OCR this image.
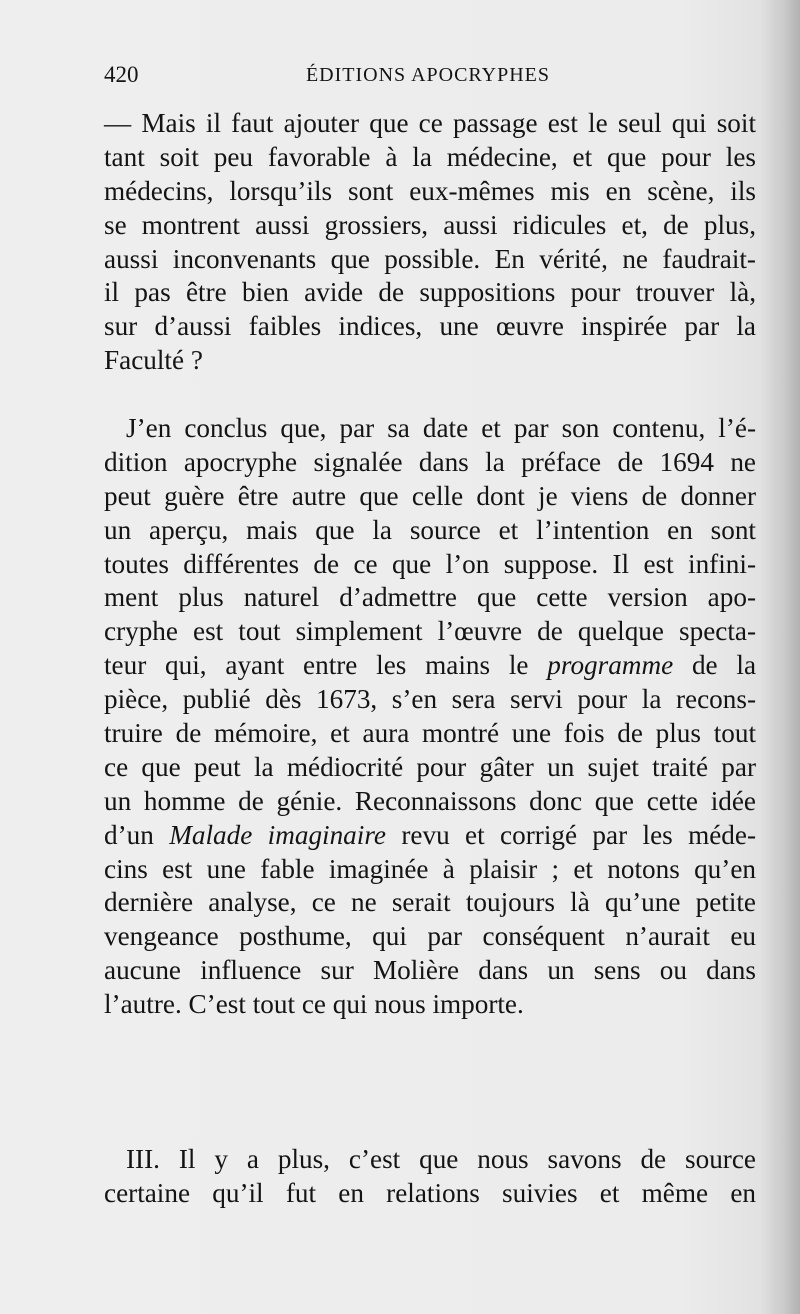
420	ÉDITIONS APOCRYPHES
— Mais il faut ajouter que ce passage est le seul qui soit
tant soit peu favorable à la médecine, et que pour les
médecins, lorsqu’ils sont eux-mêmes mis en scène, ils
se montrent aussi grossiers, aussi ridicules et, de plus,
aussi inconvenants que possible. En vérité, ne faudrait-
il pas être bien avide de suppositions pour trouver là,
sur d’aussi faibles indices, une œuvre inspirée par la
Faculté ?
J’en conclus que, par sa date et par son contenu, l’é-
dition apocryphe signalée dans la préface de 1694 ne
peut guère être autre que celle dont je viens de donner
un aperçu, mais que la source et l’intention en sont
toutes différentes de ce que l’on suppose. Il est infini-
ment plus naturel d’admettre que cette version apo-
cryphe est tout simplement l’œuvre de quelque specta-
teur qui, ayant entre les mains le programme de la
pièce, publié dès 1673, s’en sera servi pour la recons-
truire de mémoire, et aura montré une fois de plus tout
ce que peut la médiocrité pour gâter un sujet traité par
un homme de génie. Reconnaissons donc que cette idée
d’un Malade imaginaire revu et corrigé par les méde-
cins est une fable imaginée à plaisir ; et notons qu’en
dernière analyse, ce ne serait toujours là qu’une petite
vengeance posthume, qui par conséquent n’aurait eu
aucune influence sur Molière dans un sens ou dans
l’autre. C’est tout ce qui nous importe.
III. Il y a plus, c’est que nous savons de source
certaine qu’il fut en relations suivies et même en
